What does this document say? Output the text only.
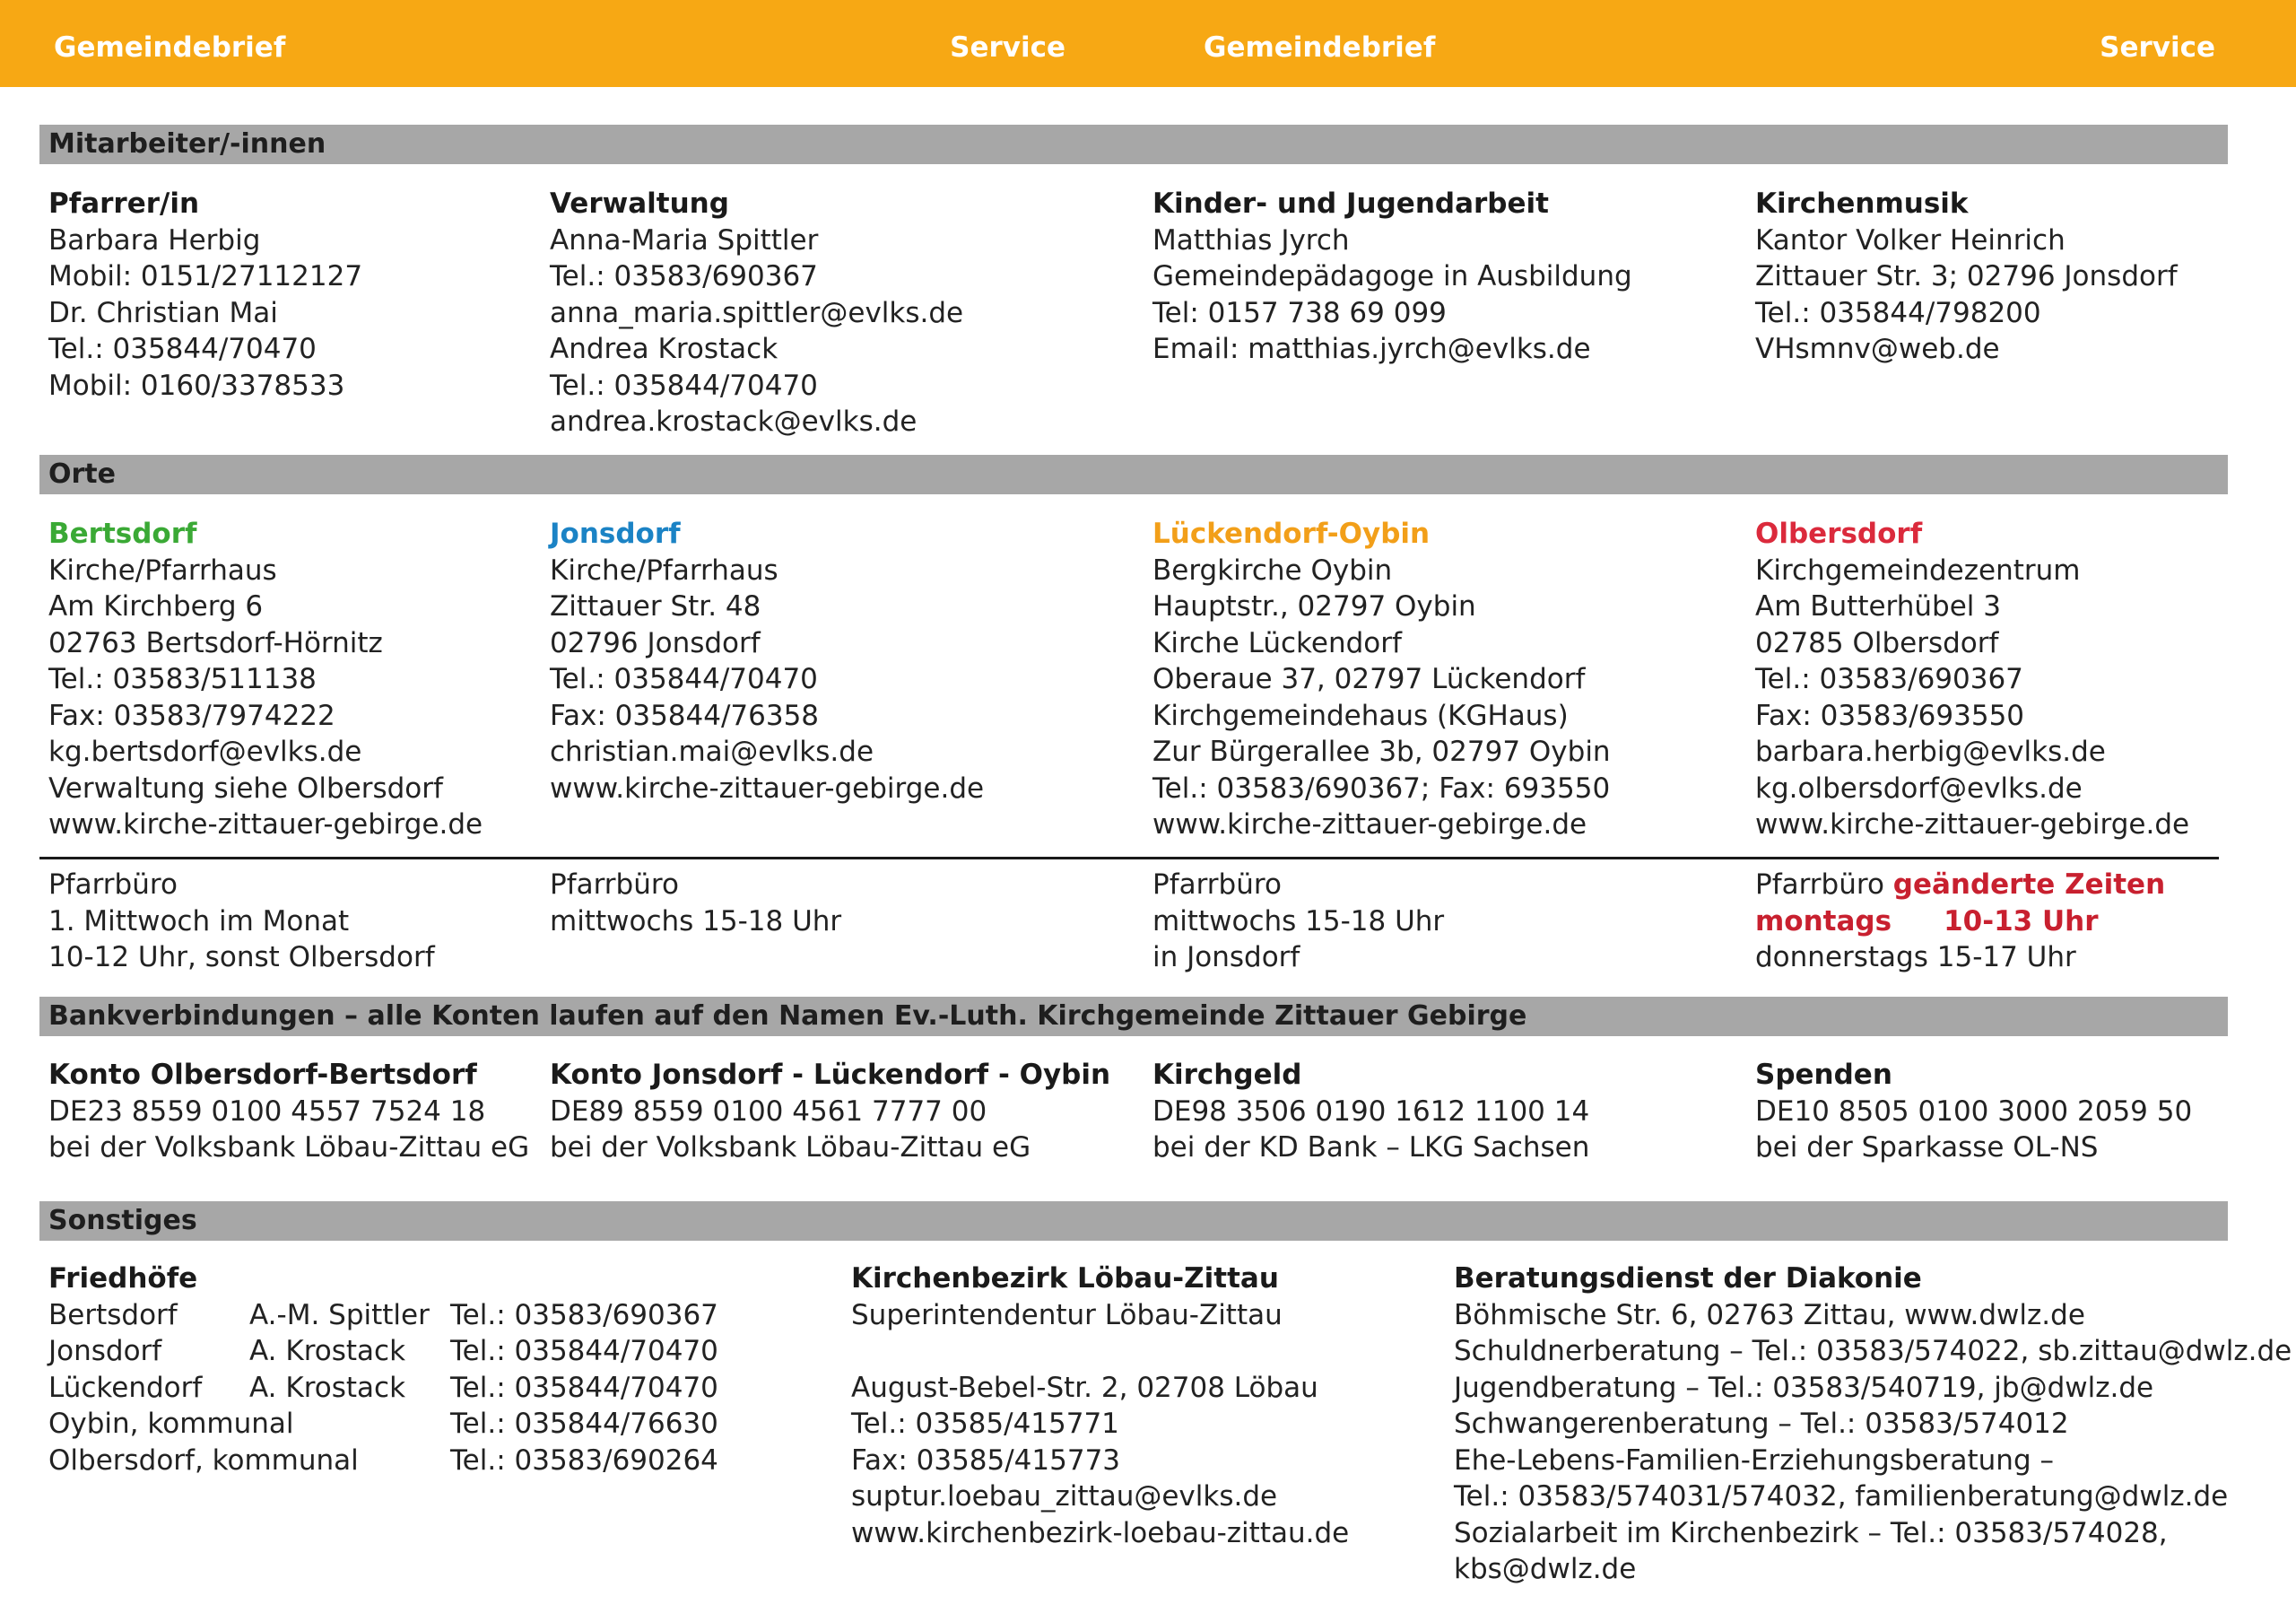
Gemeindebrief	Service	Gemeindebrief	Service
Mitarbeiter/-innen
Pfarrer/in
Barbara Herbig
Mobil: 0151/27112127
Dr. Christian Mai
Tel.: 035844/70470
Mobil: 0160/3378533
Verwaltung
Anna-Maria Spittler
Tel.: 03583/690367
anna_maria.spittler@evlks.de
Andrea Krostack
Tel.: 035844/70470
andrea.krostack@evlks.de
Kinder- und Jugendarbeit
Matthias Jyrch
Gemeindepädagoge in Ausbildung
Tel: 0157 738 69 099
Email: matthias.jyrch@evlks.de
Kirchenmusik
Kantor Volker Heinrich
Zittauer Str. 3; 02796 Jonsdorf
Tel.: 035844/798200
VHsmnv@web.de
Orte
Bertsdorf
Kirche/Pfarrhaus
Am Kirchberg 6
02763 Bertsdorf-Hörnitz
Tel.: 03583/511138
Fax: 03583/7974222
kg.bertsdorf@evlks.de
Verwaltung siehe Olbersdorf
www.kirche-zittauer-gebirge.de
Jonsdorf
Kirche/Pfarrhaus
Zittauer Str. 48
02796 Jonsdorf
Tel.: 035844/70470
Fax: 035844/76358
christian.mai@evlks.de
www.kirche-zittauer-gebirge.de
Lückendorf-Oybin
Bergkirche Oybin
Hauptstr., 02797 Oybin
Kirche Lückendorf
Oberaue 37, 02797 Lückendorf
Kirchgemeindehaus (KGHaus)
Zur Bürgerallee 3b, 02797 Oybin
Tel.: 03583/690367; Fax: 693550
www.kirche-zittauer-gebirge.de
Olbersdorf
Kirchgemeindezentrum
Am Butterhübel 3
02785 Olbersdorf
Tel.: 03583/690367
Fax: 03583/693550
barbara.herbig@evlks.de
kg.olbersdorf@evlks.de
www.kirche-zittauer-gebirge.de
Pfarrbüro
1. Mittwoch im Monat
10-12 Uhr, sonst Olbersdorf
Pfarrbüro
mittwochs 15-18 Uhr
Pfarrbüro
mittwochs 15-18 Uhr
in Jonsdorf
Pfarrbüro geänderte Zeiten
montags 10-13 Uhr
donnerstags 15-17 Uhr
Bankverbindungen – alle Konten laufen auf den Namen Ev.-Luth. Kirchgemeinde Zittauer Gebirge
Konto Olbersdorf-Bertsdorf
DE23 8559 0100 4557 7524 18
bei der Volksbank Löbau-Zittau eG
Konto Jonsdorf - Lückendorf - Oybin
DE89 8559 0100 4561 7777 00
bei der Volksbank Löbau-Zittau eG
Kirchgeld
DE98 3506 0190 1612 1100 14
bei der KD Bank – LKG Sachsen
Spenden
DE10 8505 0100 3000 2059 50
bei der Sparkasse OL-NS
Sonstiges
Friedhöfe
Bertsdorf	A.-M. Spittler Tel.: 03583/690367
Jonsdorf	A. Krostack Tel.: 035844/70470
Lückendorf A. Krostack Tel.: 035844/70470
Oybin, kommunal	Tel.: 035844/76630
Olbersdorf, kommunal	Tel.: 03583/690264
Kirchenbezirk Löbau-Zittau
Superintendentur Löbau-Zittau
August-Bebel-Str. 2, 02708 Löbau
Tel.: 03585/415771
Fax: 03585/415773
suptur.loebau_zittau@evlks.de
www.kirchenbezirk-loebau-zittau.de
Beratungsdienst der Diakonie
Böhmische Str. 6, 02763 Zittau, www.dwlz.de
Schuldnerberatung – Tel.: 03583/574022, sb.zittau@dwlz.de
Jugendberatung – Tel.: 03583/540719, jb@dwlz.de
Schwangerenberatung – Tel.: 03583/574012
Ehe-Lebens-Familien-Erziehungsberatung –
Tel.: 03583/574031/574032, familienberatung@dwlz.de
Sozialarbeit im Kirchenbezirk – Tel.: 03583/574028,
kbs@dwlz.de
